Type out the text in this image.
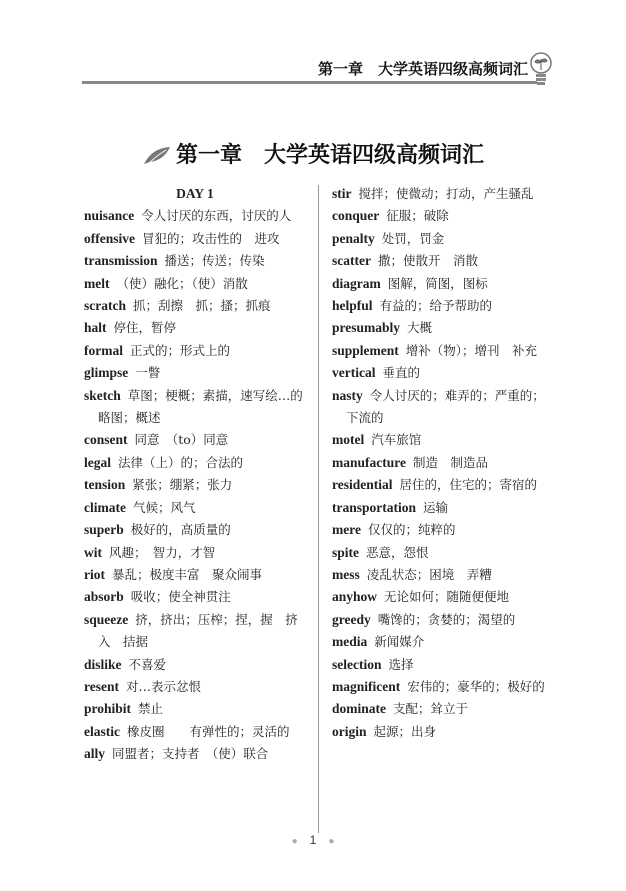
第一章　大学英语四级高频词汇
第一章　大学英语四级高频词汇
DAY 1
nuisance 令人讨厌的东西，讨厌的人
offensive 冒犯的；攻击性的　进攻
transmission 播送；传送；传染
melt （使）融化；（使）消散
scratch 抓；刮擦　抓；搔；抓痕
halt 停住，暂停
formal 正式的；形式上的
glimpse 一瞥
sketch 草图；梗概；素描，速写绘…的略图；概述
consent 同意　（to）同意
legal 法律（上）的；合法的
tension 紧张；绷紧；张力
climate 气候；风气
superb 极好的，高质量的
wit 风趣；　智力，才智
riot 暴乱；极度丰富　聚众闹事
absorb 吸收；使全神贯注
squeeze 挤，挤出；压榨；捏，握　挤入　拮据
dislike 不喜爱
resent 对…表示忿恨
prohibit 禁止
elastic 橡皮圈　　有弹性的；灵活的
ally 同盟者；支持者　（使）联合
stir 搅拌；使微动；打动，产生骚乱
conquer 征服；破除
penalty 处罚，罚金
scatter 撒；使散开　消散
diagram 图解，简图，图标
helpful 有益的；给予帮助的
presumably 大概
supplement 增补（物）；增刊　补充
vertical 垂直的
nasty 令人讨厌的；难弄的；严重的；下流的
motel 汽车旅馆
manufacture 制造　制造品
residential 居住的，住宅的；寄宿的
transportation 运输
mere 仅仅的；纯粹的
spite 恶意，怨恨
mess 凌乱状态；困境　弄糟
anyhow 无论如何；随随便便地
greedy 嘴馋的；贪婪的；渴望的
media 新闻媒介
selection 选择
magnificent 宏伟的；豪华的；极好的
dominate 支配；耸立于
origin 起源；出身
● 1 ●
